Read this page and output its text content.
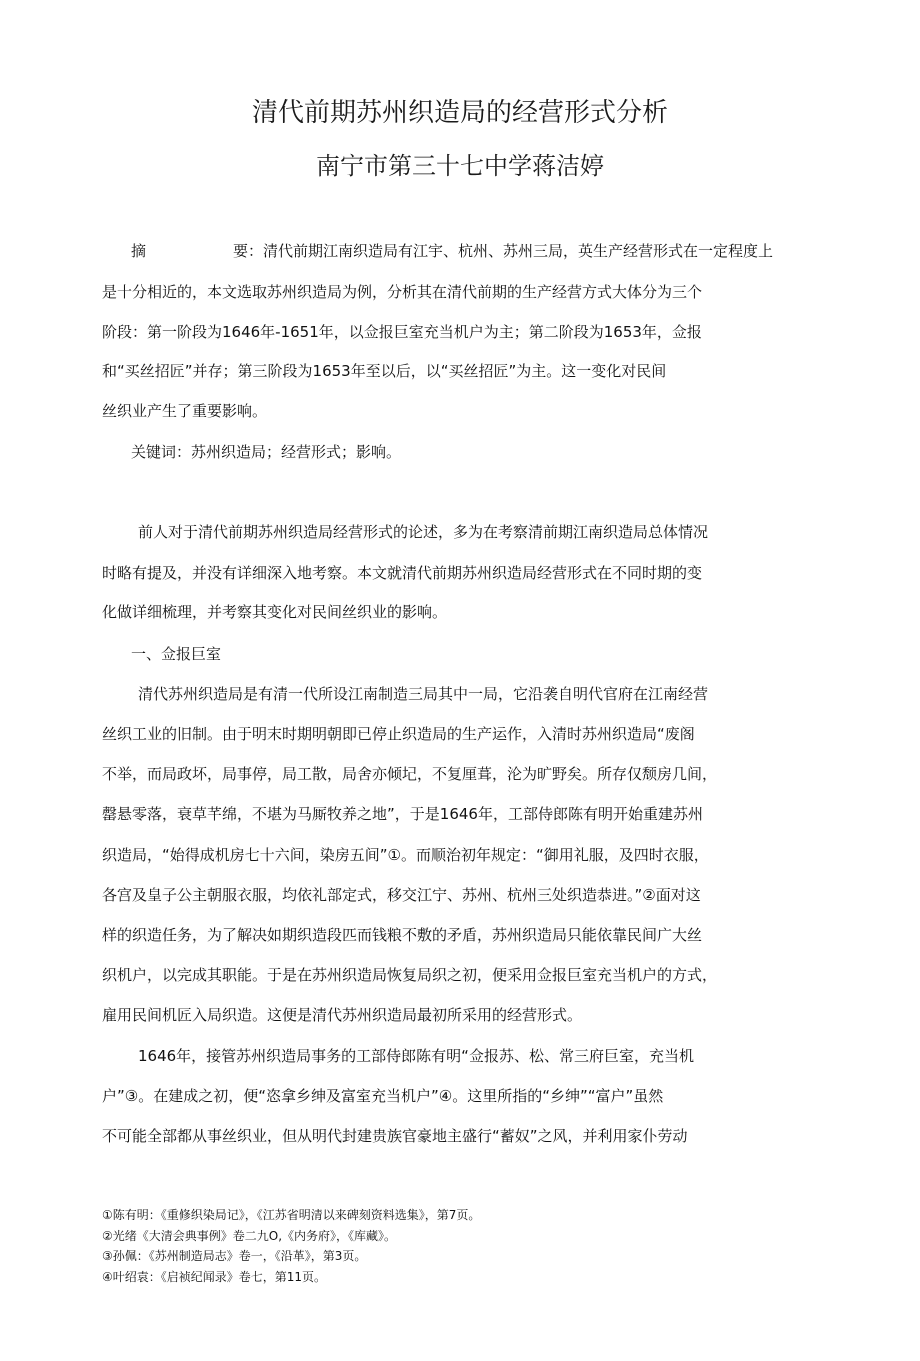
清代前期苏州织造局的经营形式分析
南宁市第三十七中学蒋洁婷
摘	要： 清代前期江南织造局有江宇、杭州、苏州三局，英生产经营形式在一定程度上
是十分相近的，本文选取苏州织造局为例，分析其在清代前期的生产经营方式大体分为三个
阶段：第一阶段为1646年-1651年，以佥报巨室充当机户为主；第二阶段为1653年，佥报
和“买丝招匠”并存；第三阶段为1653年至以后，以“买丝招匠”为主。这一变化对民间
丝织业产生了重要影响。
关键词：苏州织造局；经营形式；影响。
前人对于清代前期苏州织造局经营形式的论述，多为在考察清前期江南织造局总体情况
时略有提及，并没有详细深入地考察。本文就清代前期苏州织造局经营形式在不同时期的变
化做详细梳理，并考察其变化对民间丝织业的影响。
一、佥报巨室
清代苏州织造局是有清一代所设江南制造三局其中一局，它沿袭自明代官府在江南经营
丝织工业的旧制。由于明末时期明朝即已停止织造局的生产运作，入清时苏州织造局“废阁
不举，而局政坏，局事停，局工散，局舍亦倾圮，不复厘葺，沦为旷野矣。所存仅颓房几间，
罄悬零落，衰草芊绵，不堪为马厮牧养之地”，于是1646年，工部侍郎陈有明开始重建苏州
织造局，“始得成机房七十六间，染房五间”①。而顺治初年规定：“御用礼服，及四时衣服，
各宫及皇子公主朝服衣服，均依礼部定式，移交江宁、苏州、杭州三处织造恭进。”②面对这
样的织造任务，为了解决如期织造段匹而钱粮不敷的矛盾，苏州织造局只能依靠民间广大丝
织机户，以完成其职能。于是在苏州织造局恢复局织之初，便采用佥报巨室充当机户的方式，
雇用民间机匠入局织造。这便是清代苏州织造局最初所采用的经营形式。
1646年，接管苏州织造局事务的工部侍郎陈有明“佥报苏、松、常三府巨室，充当机
户”③。在建成之初，便“恣拿乡绅及富室充当机户”④。这里所指的“乡绅”“富户”虽然
不可能全部都从事丝织业，但从明代封建贵族官豪地主盛行“蓄奴”之风，并利用家仆劳动
①陈有明：《重修织染局记》，《江苏省明清以来碑刻资料选集》，第7页。
②光绪《大清会典事例》卷二九O,《内务府》，《库藏》。
③孙佩：《苏州制造局志》卷一，《沿革》，第3页。
④叶绍袁：《启祯纪闻录》卷七，第11页。
